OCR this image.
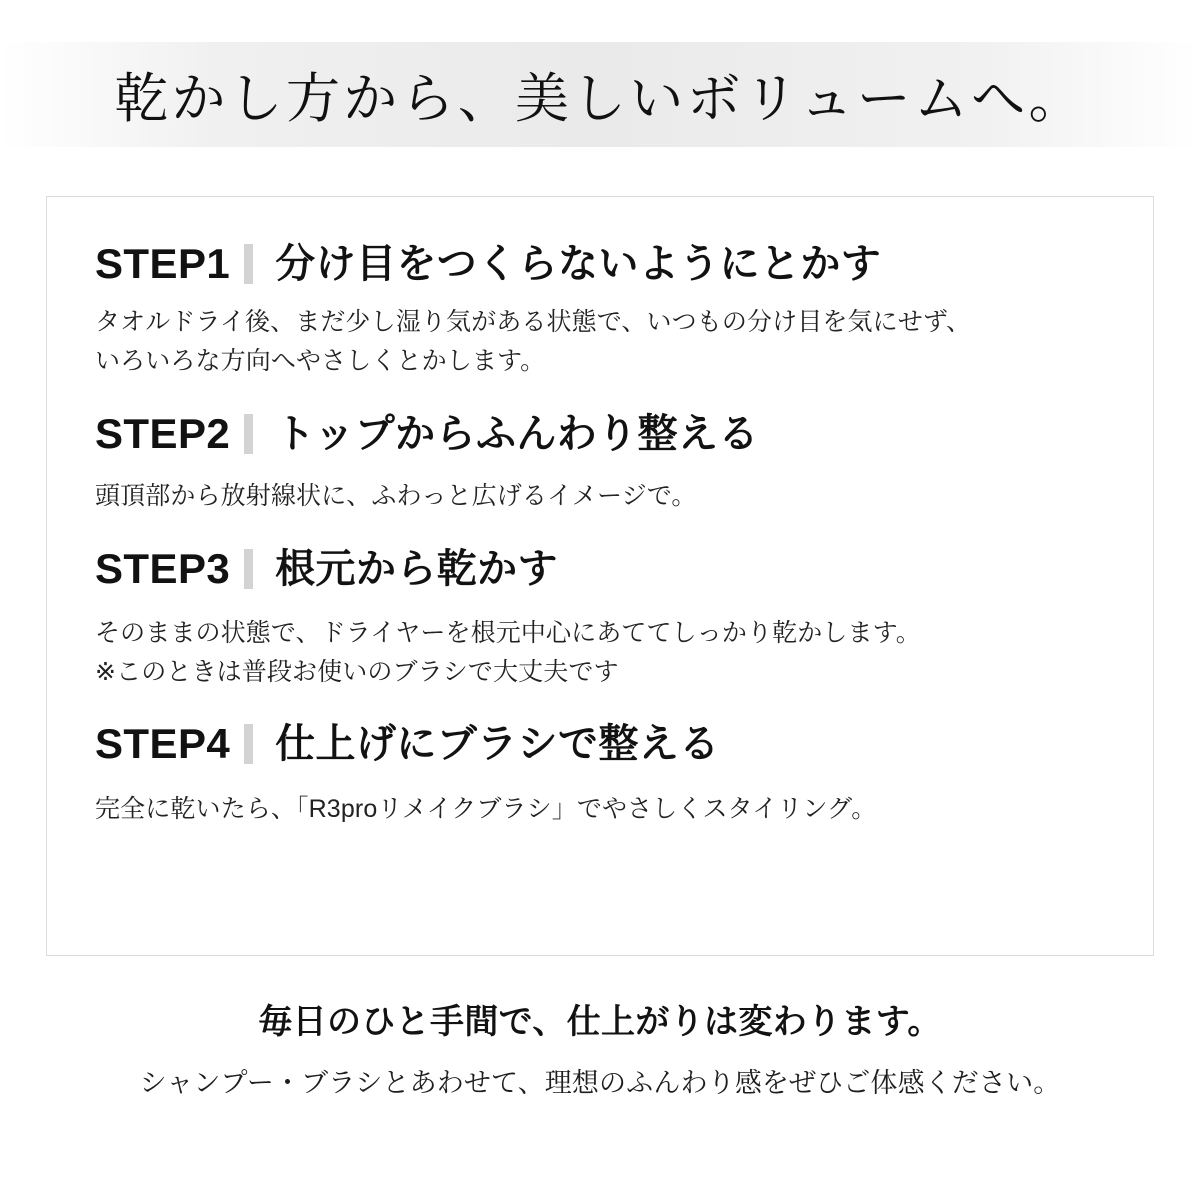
乾かし方から、美しいボリュームへ。
STEP1 分け目をつくらないようにとかす
タオルドライ後、まだ少し湿り気がある状態で、いつもの分け目を気にせず、
いろいろな方向へやさしくとかします。
STEP2 トップからふんわり整える
頭頂部から放射線状に、ふわっと広げるイメージで。
STEP3 根元から乾かす
そのままの状態で、ドライヤーを根元中心にあててしっかり乾かします。
※このときは普段お使いのブラシで大丈夫です
STEP4 仕上げにブラシで整える
完全に乾いたら、「R3proリメイクブラシ」でやさしくスタイリング。
毎日のひと手間で、仕上がりは変わります。
シャンプー・ブラシとあわせて、理想のふんわり感をぜひご体感ください。
